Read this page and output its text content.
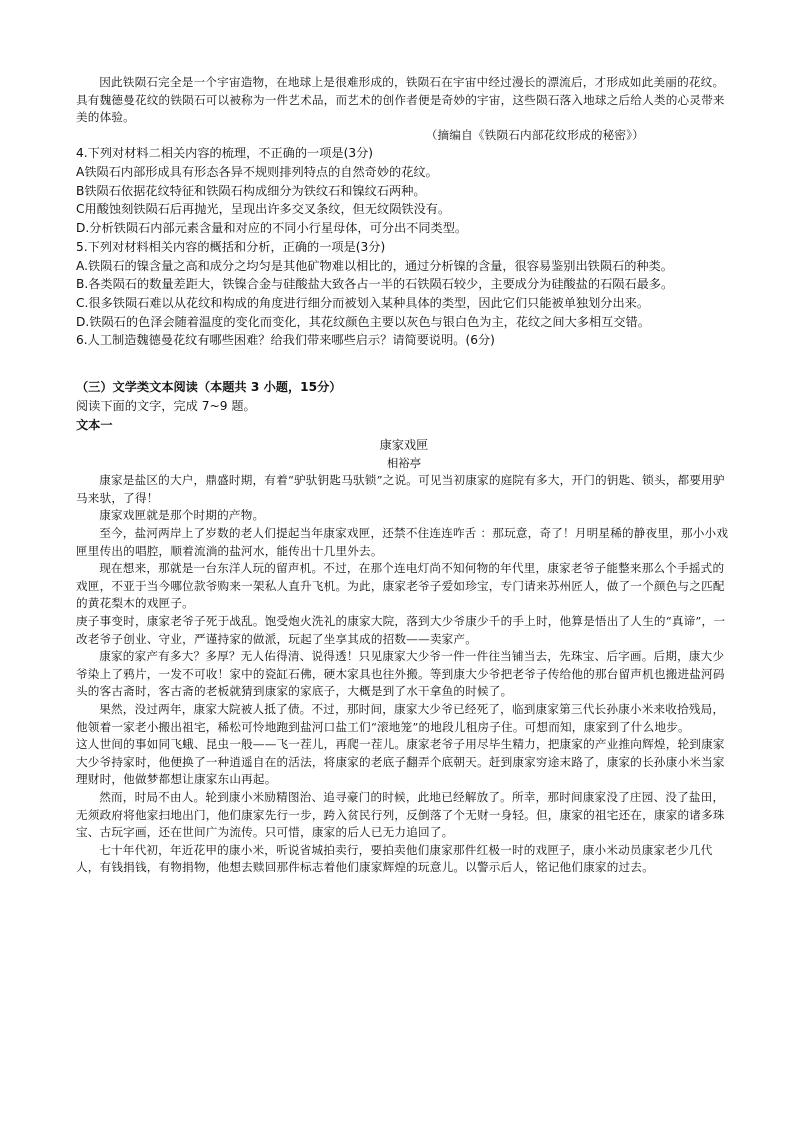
因此铁陨石完全是一个宇宙造物，在地球上是很难形成的，铁陨石在宇宙中经过漫长的漂流后，才形成如此美丽的花纹。具有魏德曼花纹的铁陨石可以被称为一件艺术品，而艺术的创作者便是奇妙的宇宙，这些陨石落入地球之后给人类的心灵带来美的体验。

（摘编自《铁陨石内部花纹形成的秘密》）

4.下列对材料二相关内容的梳理，不正确的一项是(3分)

A铁陨石内部形成具有形态各异不规则排列特点的自然奇妙的花纹。

B铁陨石依据花纹特征和铁陨石构成细分为铁纹石和镍纹石两种。

C用酸蚀刻铁陨石后再抛光，呈现出许多交叉条纹，但无纹陨铁没有。

D.分析铁陨石内部元素含量和对应的不同小行星母体，可分出不同类型。

5.下列对材料相关内容的概括和分析，正确的一项是(3分)

A.铁陨石的镍含量之高和成分之均匀是其他矿物难以相比的，通过分析镍的含量，很容易鉴别出铁陨石的种类。

B.各类陨石的数量差距大，铁镍合金与硅酸盐大致各占一半的石铁陨石较少，主要成分为硅酸盐的石陨石最多。

C.很多铁陨石难以从花纹和构成的角度进行细分而被划入某种具体的类型，因此它们只能被单独划分出来。

D.铁陨石的色泽会随着温度的变化而变化，其花纹颜色主要以灰色与银白色为主，花纹之间大多相互交错。

6.人工制造魏德曼花纹有哪些困难？给我们带来哪些启示？请简要说明。(6分)

（三）文学类文本阅读（本题共 3 小题，15分）

阅读下面的文字，完成 7~9 题。

文本一

康家戏匣

相裕亭

康家是盐区的大户，鼎盛时期，有着“驴驮钥匙马驮锁”之说。可见当初康家的庭院有多大，开门的钥匙、锁头，都要用驴马来驮，了得！

康家戏匣就是那个时期的产物。

至今，盐河两岸上了岁数的老人们提起当年康家戏匣，还禁不住连连咋舌 ：那玩意，奇了！月明星稀的静夜里，那小小戏匣里传出的唱腔，顺着流淌的盐河水，能传出十几里外去。

现在想来，那就是一台东洋人玩的留声机。不过，在那个连电灯尚不知何物的年代里，康家老爷子能整来那么个手摇式的戏匣，不亚于当今哪位款爷购来一架私人直升飞机。为此，康家老爷子爱如珍宝，专门请来苏州匠人，做了一个颜色与之匹配的黄花梨木的戏匣子。

庚子事变时，康家老爷子死于战乱。饱受炮火洗礼的康家大院，落到大少爷康少千的手上时，他算是悟出了人生的“真谛”，一改老爷子创业、守业，严谨持家的做派，玩起了坐享其成的招数——卖家产。

康家的家产有多大？多厚？无人佑得清、说得透！只见康家大少爷一件一件往当铺当去，先珠宝、后字画。后期，康大少爷染上了鸦片，一发不可收！家中的瓷缸石佛，硬木家具也往外搬。等到康大少爷把老爷子传给他的那台留声机也搬进盐河码头的客古斋时，客古斋的老板就猜到康家的家底子，大概是到了水干拿鱼的时候了。

果然，没过两年，康家大院被人抵了债。不过，那时间，康家大少爷已经死了，临到康家第三代长孙康小米来收拾残局，他领着一家老小搬出祖宅，稀松可怜地跑到盐河口盐工们“滚地笼”的地段儿租房子住。可想而知，康家到了什么地步。

这人世间的事如同飞蛾、昆虫一般——飞一茬儿，再爬一茬儿。康家老爷子用尽毕生精力，把康家的产业推向辉煌，轮到康家大少爷持家时，他便换了一种逍遥自在的活法，将康家的老底子翻弄个底朝天。赶到康家穷途末路了，康家的长孙康小米当家理财时，他做梦都想让康家东山再起。

然而，时局不由人。轮到康小米励精图治、追寻豪门的时候，此地已经解放了。所幸，那时间康家没了庄园、没了盐田，无须政府将他家扫地出门，他们康家先行一步，跨入贫民行列，反倒落了个无财一身轻。但，康家的祖宅还在，康家的诸多珠宝、古玩字画，还在世间广为流传。只可惜，康家的后人已无力追回了。

七十年代初，年近花甲的康小米，听说省城拍卖行，要拍卖他们康家那件红极一时的戏匣子，康小米动员康家老少几代人，有钱捐钱，有物捐物，他想去赎回那件标志着他们康家辉煌的玩意儿。以警示后人，铭记他们康家的过去。
